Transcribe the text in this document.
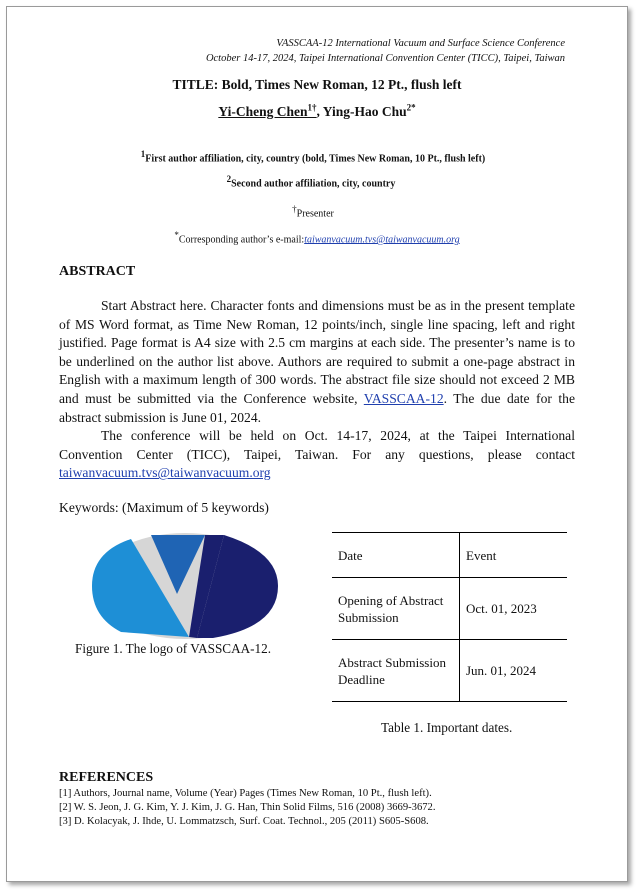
VASSCAA-12 International Vacuum and Surface Science Conference
October 14-17, 2024, Taipei International Convention Center (TICC), Taipei, Taiwan
TITLE: Bold, Times New Roman, 12 Pt., flush left
Yi-Cheng Chen$^{1\dagger}$, Ying-Hao Chu$^{2*}$
$^1$First author affiliation, city, country (bold, Times New Roman, 10 Pt., flush left)
$^2$Second author affiliation, city, country
†Presenter
*Corresponding author’s e-mail:taiwanvacuum.tvs@taiwanvacuum.org
ABSTRACT

Start Abstract here. Character fonts and dimensions must be as in the present template of MS Word format, as Time New Roman, 12 points/inch, single line spacing, left and right justified. Page format is A4 size with 2.5 cm margins at each side. The presenter’s name is to be underlined on the author list above. Authors are required to submit a one-page abstract in English with a maximum length of 300 words. The abstract file size should not exceed 2 MB and must be submitted via the Conference website, VASSCAA-12. The due date for the abstract submission is June 01, 2024.

The conference will be held on Oct. 14-17, 2024, at the Taipei International Convention Center (TICC), Taipei, Taiwan. For any questions, please contact taiwanvacuum.tvs@taiwanvacuum.org

Keywords: (Maximum of 5 keywords)
Figure 1. The logo of VASSCAA-12.
Date	Event
Opening of Abstract Submission	Oct. 01, 2023
Abstract Submission Deadline	Jun. 01, 2024
Table 1. Important dates.
REFERENCES
[1] Authors, Journal name, Volume (Year) Pages (Times New Roman, 10 Pt., flush left).
[2] W. S. Jeon, J. G. Kim, Y. J. Kim, J. G. Han, Thin Solid Films, 516 (2008) 3669-3672.
[3] D. Kolacyak, J. Ihde, U. Lommatzsch, Surf. Coat. Technol., 205 (2011) S605-S608.
